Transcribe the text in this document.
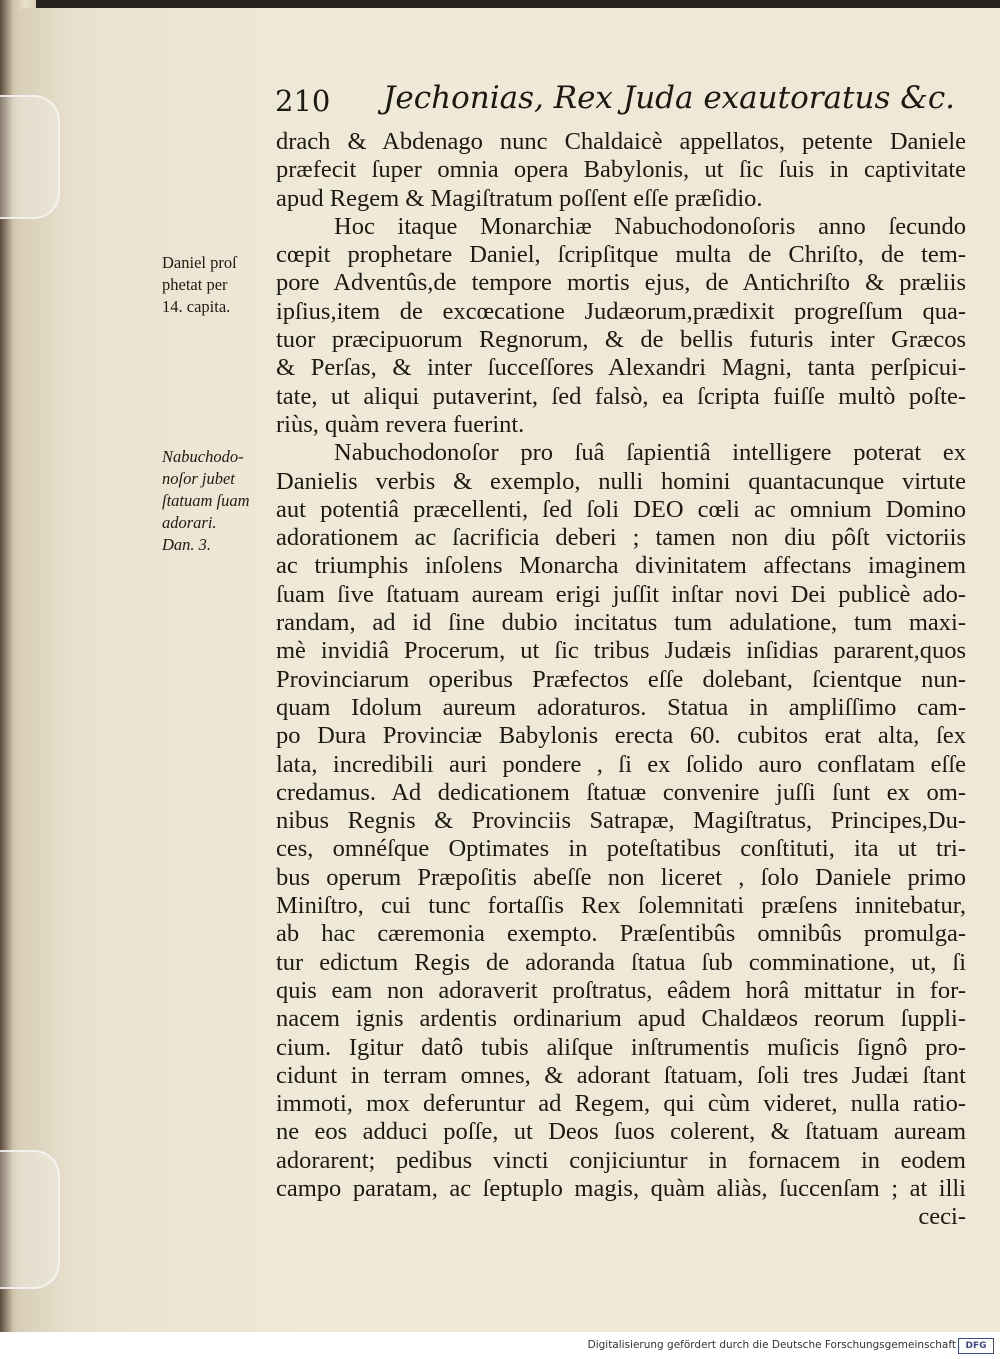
210 Jechonias, Rex Juda exautoratus &c.
Daniel proſ
phetat per
14. capita.
Nabuchodo-
noſor jubet
ſtatuam ſuam
adorari.
Dan. 3.
drach & Abdenago nunc Chaldaicè appellatos, petente Daniele
præfecit ſuper omnia opera Babylonis, ut ſic ſuis in captivitate
apud Regem & Magiſtratum poſſent eſſe præſidio.
Hoc itaque Monarchiæ Nabuchodonoſoris anno ſecundo
cœpit prophetare Daniel, ſcripſitque multa de Chriſto, de tem-
pore Adventûs,de tempore mortis ejus, de Antichriſto & præliis
ipſius,item de excœcatione Judæorum,prædixit progreſſum qua-
tuor præcipuorum Regnorum, & de bellis futuris inter Græcos
& Perſas, & inter ſucceſſores Alexandri Magni, tanta perſpicui-
tate, ut aliqui putaverint, ſed falsò, ea ſcripta fuiſſe multò poſte-
riùs, quàm revera fuerint.
Nabuchodonoſor pro ſuâ ſapientiâ intelligere poterat ex
Danielis verbis & exemplo, nulli homini quantacunque virtute
aut potentiâ præcellenti, ſed ſoli DEO cœli ac omnium Domino
adorationem ac ſacrificia deberi ; tamen non diu pôſt victoriis
ac triumphis inſolens Monarcha divinitatem affectans imaginem
ſuam ſive ſtatuam auream erigi juſſit inſtar novi Dei publicè ado-
randam, ad id ſine dubio incitatus tum adulatione, tum maxi-
mè invidiâ Procerum, ut ſic tribus Judæis inſidias pararent,quos
Provinciarum operibus Præfectos eſſe dolebant, ſcientque nun-
quam Idolum aureum adoraturos. Statua in ampliſſimo cam-
po Dura Provinciæ Babylonis erecta 60. cubitos erat alta, ſex
lata, incredibili auri pondere , ſi ex ſolido auro conflatam eſſe
credamus. Ad dedicationem ſtatuæ convenire juſſi ſunt ex om-
nibus Regnis & Provinciis Satrapæ, Magiſtratus, Principes,Du-
ces, omnéſque Optimates in poteſtatibus conſtituti, ita ut tri-
bus operum Præpoſitis abeſſe non liceret , ſolo Daniele primo
Miniſtro, cui tunc fortaſſis Rex ſolemnitati præſens innitebatur,
ab hac cæremonia exempto. Præſentibûs omnibûs promulga-
tur edictum Regis de adoranda ſtatua ſub comminatione, ut, ſi
quis eam non adoraverit proſtratus, eâdem horâ mittatur in for-
nacem ignis ardentis ordinarium apud Chaldæos reorum ſuppli-
cium. Igitur datô tubis aliſque inſtrumentis muſicis ſignô pro-
cidunt in terram omnes, & adorant ſtatuam, ſoli tres Judæi ſtant
immoti, mox deferuntur ad Regem, qui cùm videret, nulla ratio-
ne eos adduci poſſe, ut Deos ſuos colerent, & ſtatuam auream
adorarent; pedibus vincti conjiciuntur in fornacem in eodem
campo paratam, ac ſeptuplo magis, quàm aliàs, ſuccenſam ; at illi
ceci-
Digitalisierung gefördert durch die Deutsche Forschungsgemeinschaft	DFG
